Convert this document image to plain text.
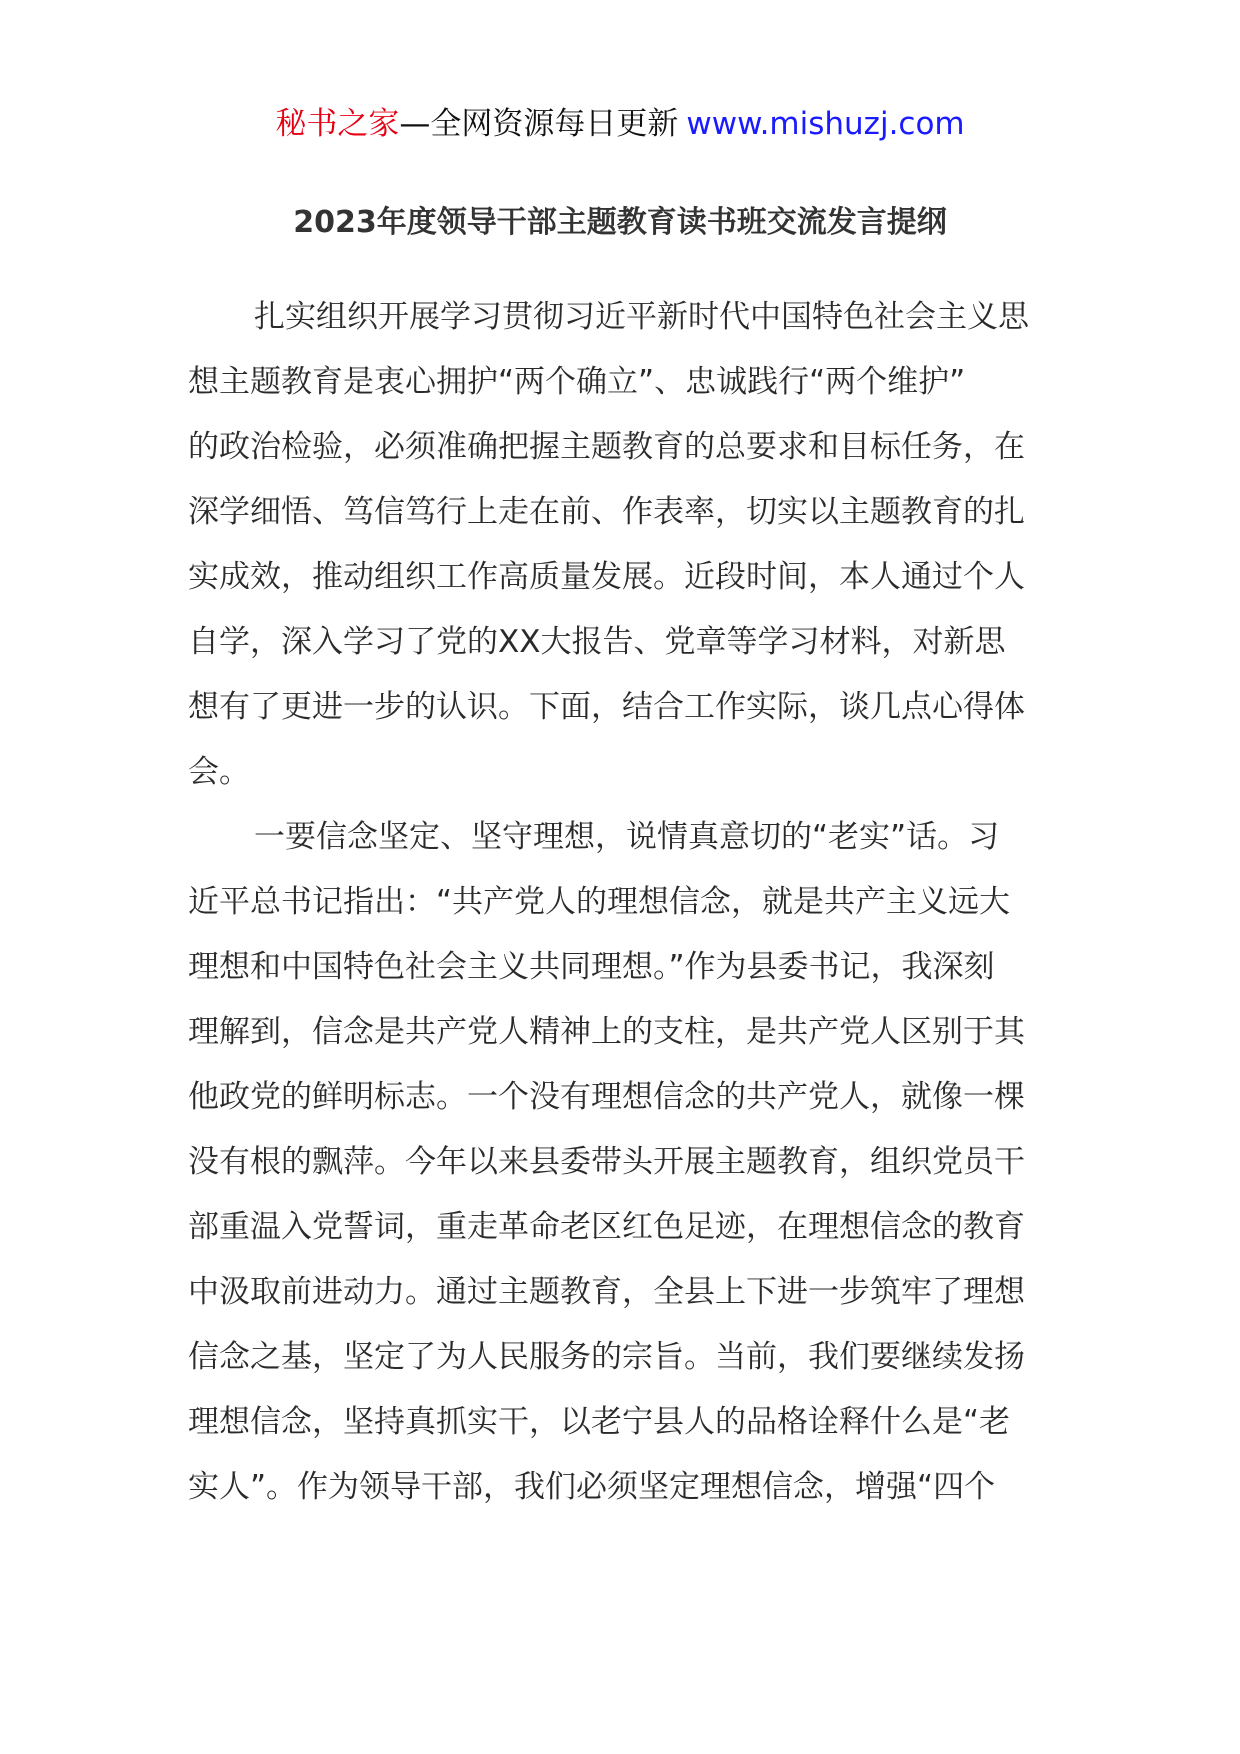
秘书之家—全网资源每日更新 www.mishuzj.com
2023年度领导干部主题教育读书班交流发言提纲
扎实组织开展学习贯彻习近平新时代中国特色社会主义思
想主题教育是衷心拥护“两个确立”、忠诚践行“两个维护”
的政治检验，必须准确把握主题教育的总要求和目标任务，在
深学细悟、笃信笃行上走在前、作表率，切实以主题教育的扎
实成效，推动组织工作高质量发展。近段时间，本人通过个人
自学，深入学习了党的XX大报告、党章等学习材料，对新思
想有了更进一步的认识。下面，结合工作实际，谈几点心得体
会。
一要信念坚定、坚守理想，说情真意切的“老实”话。习
近平总书记指出：“共产党人的理想信念，就是共产主义远大
理想和中国特色社会主义共同理想。”作为县委书记，我深刻
理解到，信念是共产党人精神上的支柱，是共产党人区别于其
他政党的鲜明标志。一个没有理想信念的共产党人，就像一棵
没有根的飘萍。今年以来县委带头开展主题教育，组织党员干
部重温入党誓词，重走革命老区红色足迹，在理想信念的教育
中汲取前进动力。通过主题教育，全县上下进一步筑牢了理想
信念之基，坚定了为人民服务的宗旨。当前，我们要继续发扬
理想信念，坚持真抓实干，以老宁县人的品格诠释什么是“老
实人”。作为领导干部，我们必须坚定理想信念，增强“四个
